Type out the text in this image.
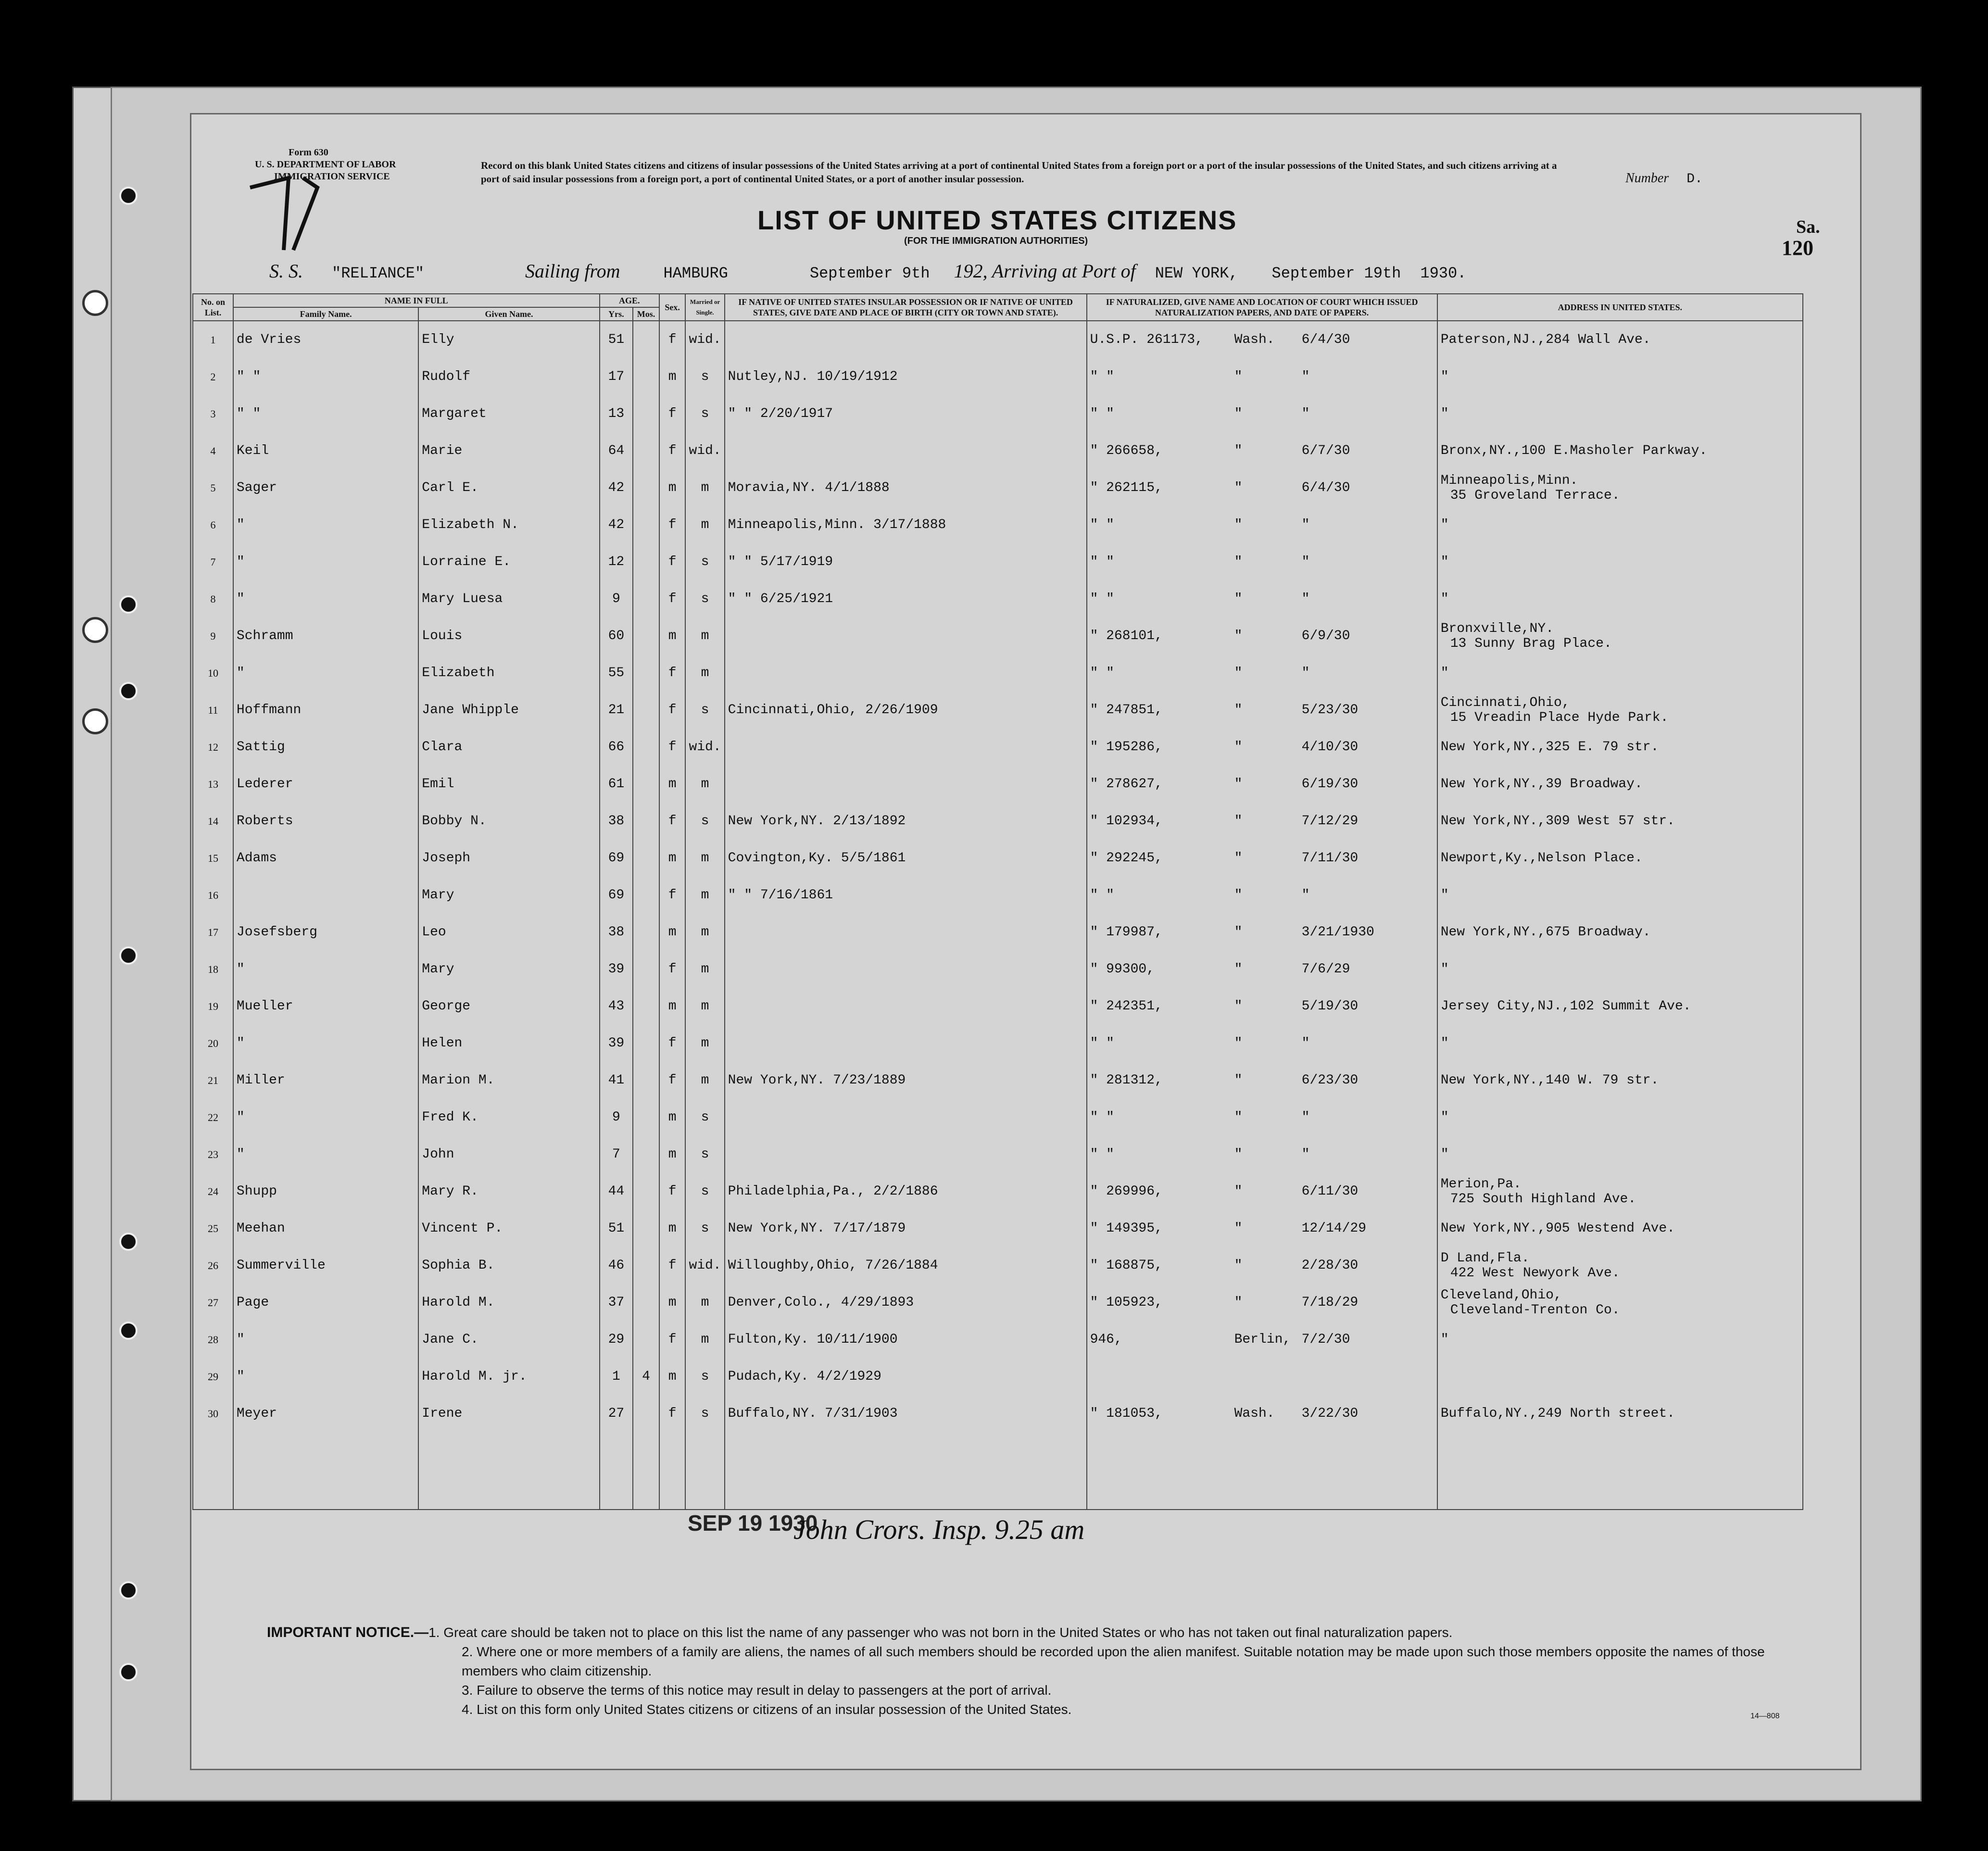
Form 630
U. S. DEPARTMENT OF LABOR
IMMIGRATION SERVICE
Record on this blank United States citizens and citizens of insular possessions of the United States arriving at a port of continental United States from a foreign port or a port of the insular possessions of the United States, and such citizens arriving at a port of said insular possessions from a foreign port, a port of continental United States, or a port of another insular possession.	Number D.
Sa.
120
LIST OF UNITED STATES CITIZENS
(FOR THE IMMIGRATION AUTHORITIES)
S. S. "RELIANCE"	Sailing from	HAMBURG	September 9th 192, Arriving at Port of NEW YORK, September 19th 1930.
No. on List.	NAME IN FULL		AGE.		Sex.	Married or Single.	IF NATIVE OF UNITED STATES INSULAR POSSESSION OR IF NATIVE OF UNITED STATES, GIVE DATE AND PLACE OF BIRTH (CITY OR TOWN AND STATE).	IF NATURALIZED, GIVE NAME AND LOCATION OF COURT WHICH ISSUED NATURALIZATION PAPERS, AND DATE OF PAPERS.	ADDRESS IN UNITED STATES.
	Family Name.	Given Name.	Yrs.	Mos.					
1	de Vries	Elly	51		f	wid.		U.S.P. 261173, Wash. 6/4/30	Paterson,NJ.,284 Wall Ave.

2	" "	Rudolf	17		m	s	Nutley,NJ. 10/19/1912	" " " "	"

3	" "	Margaret	13		f	s	" " 2/20/1917	" " " "	"

4	Keil	Marie	64		f	wid.		" 266658, " 6/7/30	Bronx,NY.,100 E.Masholer Parkway.

5	Sager	Carl E.	42		m	m	Moravia,NY. 4/1/1888	" 262115, " 6/4/30	Minneapolis,Minn.
35 Groveland Terrace.

6	"	Elizabeth N.	42		f	m	Minneapolis,Minn. 3/17/1888	" " " "	"

7	"	Lorraine E.	12		f	s	" " 5/17/1919	" " " "	"

8	"	Mary Luesa	9		f	s	" " 6/25/1921	" " " "	"

9	Schramm	Louis	60		m	m		" 268101, " 6/9/30	Bronxville,NY.
13 Sunny Brag Place.

10	"	Elizabeth	55		f	m		" " " "	"

11	Hoffmann	Jane Whipple	21		f	s	Cincinnati,Ohio, 2/26/1909	" 247851, " 5/23/30	Cincinnati,Ohio,
15 Vreadin Place Hyde Park.

12	Sattig	Clara	66		f	wid.		" 195286, " 4/10/30	New York,NY.,325 E. 79 str.

13	Lederer	Emil	61		m	m		" 278627, " 6/19/30	New York,NY.,39 Broadway.

14	Roberts	Bobby N.	38		f	s	New York,NY. 2/13/1892	" 102934, " 7/12/29	New York,NY.,309 West 57 str.

15	Adams	Joseph	69		m	m	Covington,Ky. 5/5/1861	" 292245, " 7/11/30	Newport,Ky.,Nelson Place.

16		Mary	69		f	m	" " 7/16/1861	" " " "	"

17	Josefsberg	Leo	38		m	m		" 179987, " 3/21/1930	New York,NY.,675 Broadway.

18	"	Mary	39		f	m		" 99300, " 7/6/29	"

19	Mueller	George	43		m	m		" 242351, " 5/19/30	Jersey City,NJ.,102 Summit Ave.

20	"	Helen	39		f	m		" " " "	"

21	Miller	Marion M.	41		f	m	New York,NY. 7/23/1889	" 281312, " 6/23/30	New York,NY.,140 W. 79 str.

22	"	Fred K.	9		m	s		" " " "	"

23	"	John	7		m	s		" " " "	"

24	Shupp	Mary R.	44		f	s	Philadelphia,Pa., 2/2/1886	" 269996, " 6/11/30	Merion,Pa.
725 South Highland Ave.

25	Meehan	Vincent P.	51		m	s	New York,NY. 7/17/1879	" 149395, " 12/14/29	New York,NY.,905 Westend Ave.

26	Summerville	Sophia B.	46		f	wid.	Willoughby,Ohio, 7/26/1884	" 168875, " 2/28/30	D Land,Fla.
422 West Newyork Ave.

27	Page	Harold M.	37		m	m	Denver,Colo., 4/29/1893	" 105923, " 7/18/29	Cleveland,Ohio,
Cleveland-Trenton Co.

28	"	Jane C.	29		f	m	Fulton,Ky. 10/11/1900	946, Berlin, 7/2/30	"

29	"	Harold M. jr.	1	4	m	s	Pudach,Ky. 4/2/1929		

30	Meyer	Irene	27		f	s	Buffalo,NY. 7/31/1903	" 181053, Wash. 3/22/30	Buffalo,NY.,249 North street.

SEP 19 1930
John Crors. Insp. 9.25 am
IMPORTANT NOTICE.—1. Great care should be taken not to place on this list the name of any passenger who was not born in the United States or who has not taken out final naturalization papers.
2. Where one or more members of a family are aliens, the names of all such members should be recorded upon the alien manifest. Suitable notation may be made upon such those members opposite the names of those members who claim citizenship.
3. Failure to observe the terms of this notice may result in delay to passengers at the port of arrival.
4. List on this form only United States citizens or citizens of an insular possession of the United States.	14—808
